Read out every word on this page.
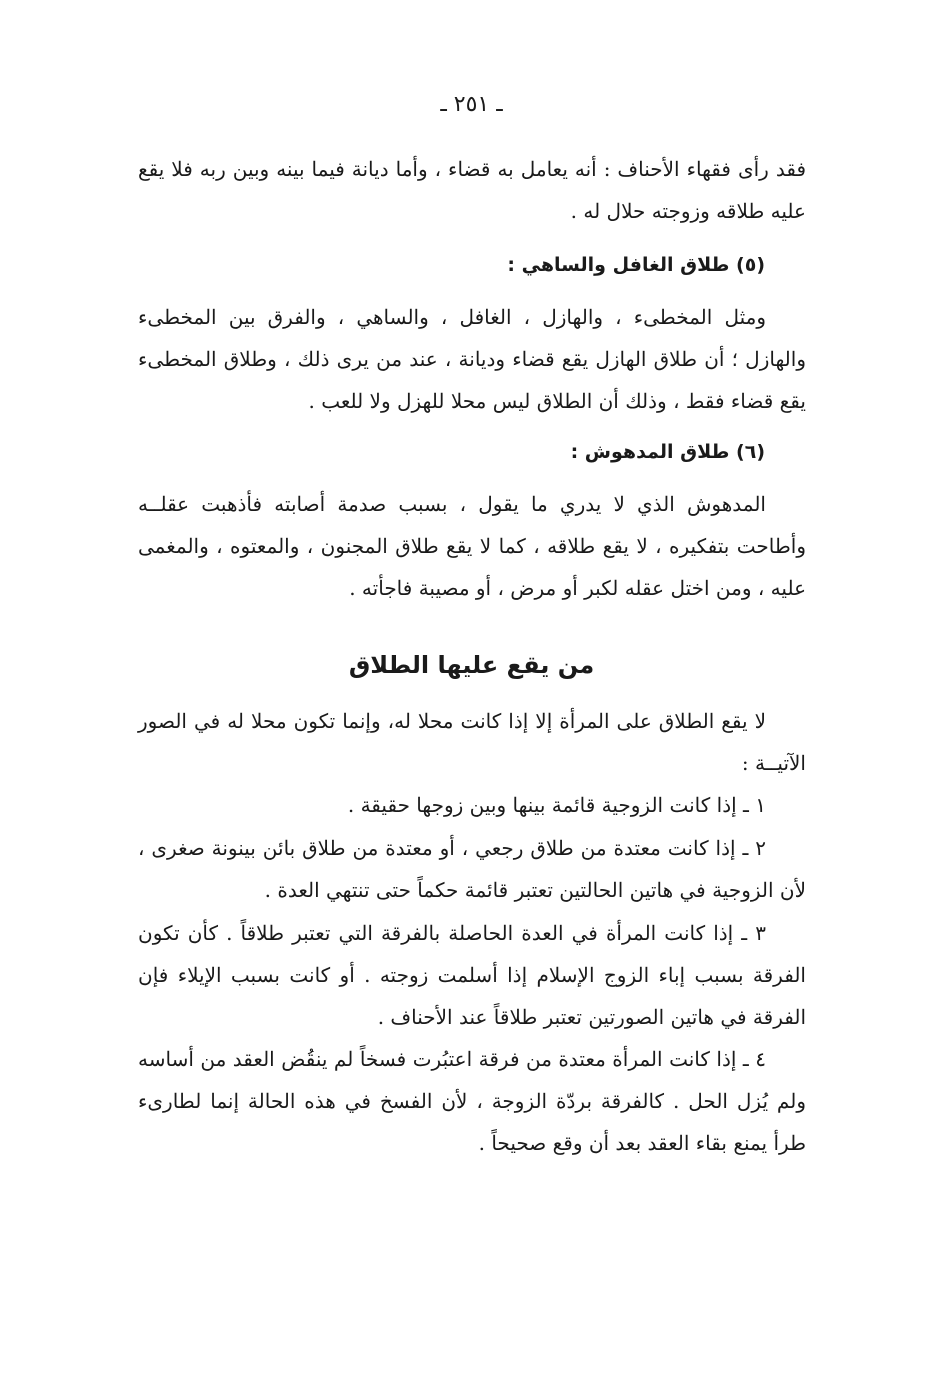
ـ ٢٥١ ـ

فقد رأى فقهاء الأحناف : أنه يعامل به قضاء ، وأما ديانة فيما بينه وبين ربه فلا يقع عليه طلاقه وزوجته حلال له .

(٥) طلاق الغافل والساهي :

ومثل المخطىء ، والهازل ، الغافل ، والساهي ، والفرق بين المخطىء والهازل ؛ أن طلاق الهازل يقع قضاء وديانة ، عند من يرى ذلك ، وطلاق المخطىء يقع قضاء فقط ، وذلك أن الطلاق ليس محلا للهزل ولا للعب .

(٦) طلاق المدهوش :

المدهوش الذي لا يدري ما يقول ، بسبب صدمة أصابته فأذهبت عقلــه وأطاحت بتفكيره ، لا يقع طلاقه ، كما لا يقع طلاق المجنون ، والمعتوه ، والمغمى عليه ، ومن اختل عقله لكبر أو مرض ، أو مصيبة فاجأته .

من يقع عليها الطلاق

لا يقع الطلاق على المرأة إلا إذا كانت محلا له، وإنما تكون محلا له في الصور الآتيــة :

١ ـ إذا كانت الزوجية قائمة بينها وبين زوجها حقيقة .

٢ ـ إذا كانت معتدة من طلاق رجعي ، أو معتدة من طلاق بائن بينونة صغرى ، لأن الزوجية في هاتين الحالتين تعتبر قائمة حكماً حتى تنتهي العدة .

٣ ـ إذا كانت المرأة في العدة الحاصلة بالفرقة التي تعتبر طلاقاً . كأن تكون الفرقة بسبب إباء الزوج الإسلام إذا أسلمت زوجته . أو كانت بسبب الإيلاء فإن الفرقة في هاتين الصورتين تعتبر طلاقاً عند الأحناف .

٤ ـ إذا كانت المرأة معتدة من فرقة اعتبُرت فسخاً لم ينقُض العقد من أساسه ولم يُزل الحل . كالفرقة بردّة الزوجة ، لأن الفسخ في هذه الحالة إنما لطارىء طرأ يمنع بقاء العقد بعد أن وقع صحيحاً .
